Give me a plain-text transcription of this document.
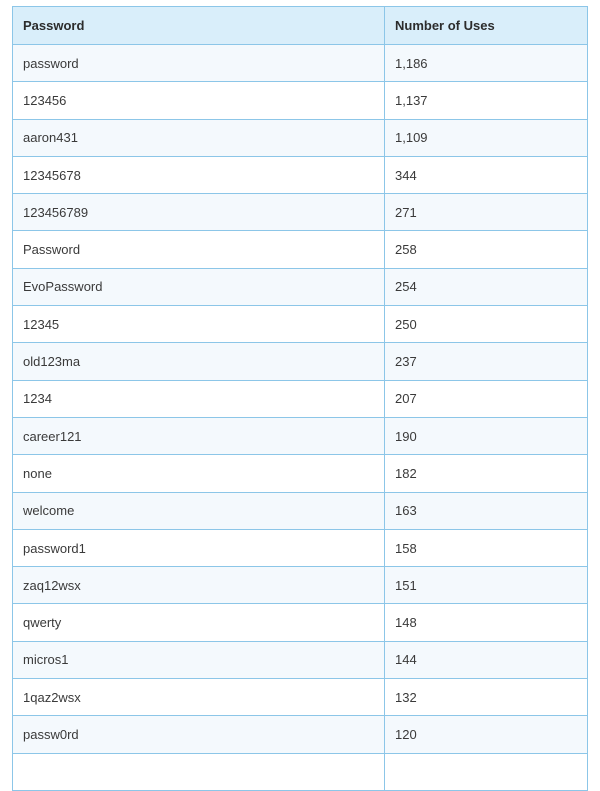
Password	Number of Uses
password	1,186
123456	1,137
aaron431	1,109
12345678	344
123456789	271
Password	258
EvoPassword	254
12345	250
old123ma	237
1234	207
career121	190
none	182
welcome	163
password1	158
zaq12wsx	151
qwerty	148
micros1	144
1qaz2wsx	132
passw0rd	120
